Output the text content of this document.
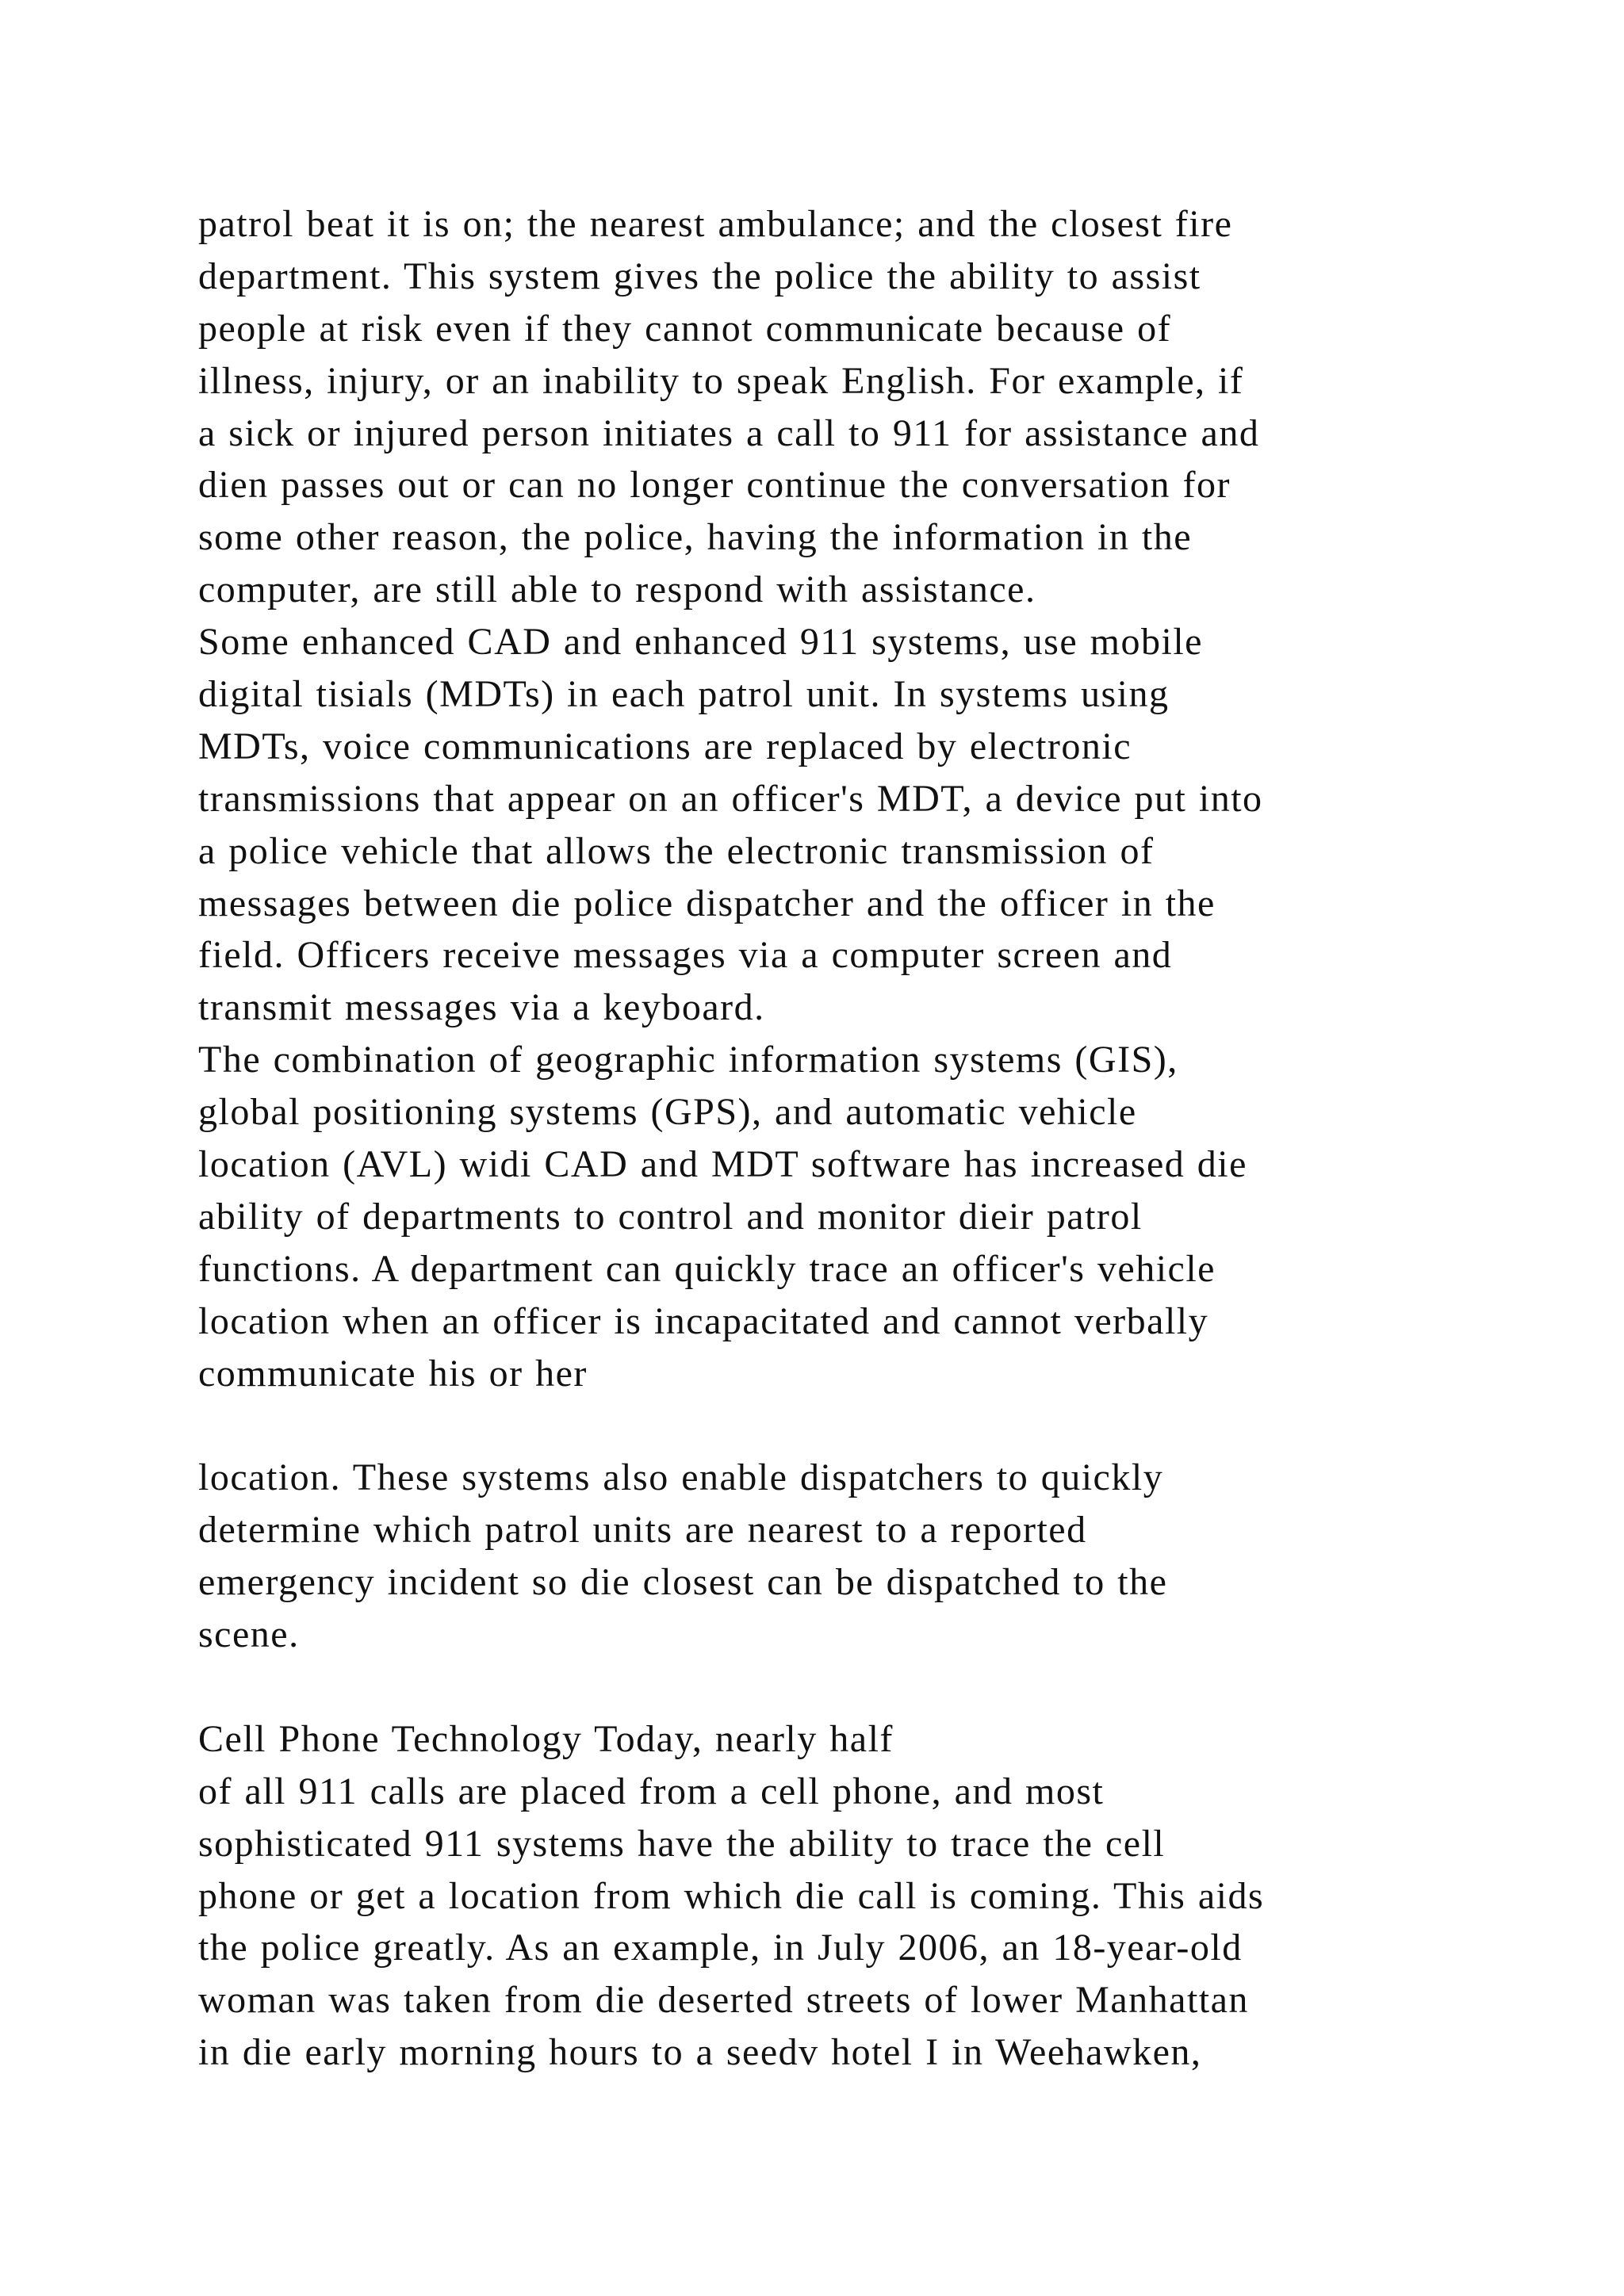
patrol beat it is on; the nearest ambulance; and the closest fire
department. This system gives the police the ability to assist
people at risk even if they cannot communicate because of
illness, injury, or an inability to speak English. For example, if
a sick or injured person initiates a call to 911 for assistance and
dien passes out or can no longer continue the conversation for
some other reason, the police, having the information in the
computer, are still able to respond with assistance.
Some enhanced CAD and enhanced 911 systems, use mobile
digital tisials (MDTs) in each patrol unit. In systems using
MDTs, voice communications are replaced by electronic
transmissions that appear on an officer's MDT, a device put into
a police vehicle that allows the electronic transmission of
messages between die police dispatcher and the officer in the
field. Officers receive messages via a computer screen and
transmit messages via a keyboard.
The combination of geographic information systems (GIS),
global positioning systems (GPS), and automatic vehicle
location (AVL) widi CAD and MDT software has increased die
ability of departments to control and monitor dieir patrol
functions. A department can quickly trace an officer's vehicle
location when an officer is incapacitated and cannot verbally
communicate his or her
location. These systems also enable dispatchers to quickly
determine which patrol units are nearest to a reported
emergency incident so die closest can be dispatched to the
scene.
Cell Phone Technology Today, nearly half
of all 911 calls are placed from a cell phone, and most
sophisticated 911 systems have the ability to trace the cell
phone or get a location from which die call is coming. This aids
the police greatly. As an example, in July 2006, an 18-year-old
woman was taken from die deserted streets of lower Manhattan
in die early morning hours to a seedv hotel I in Weehawken,
